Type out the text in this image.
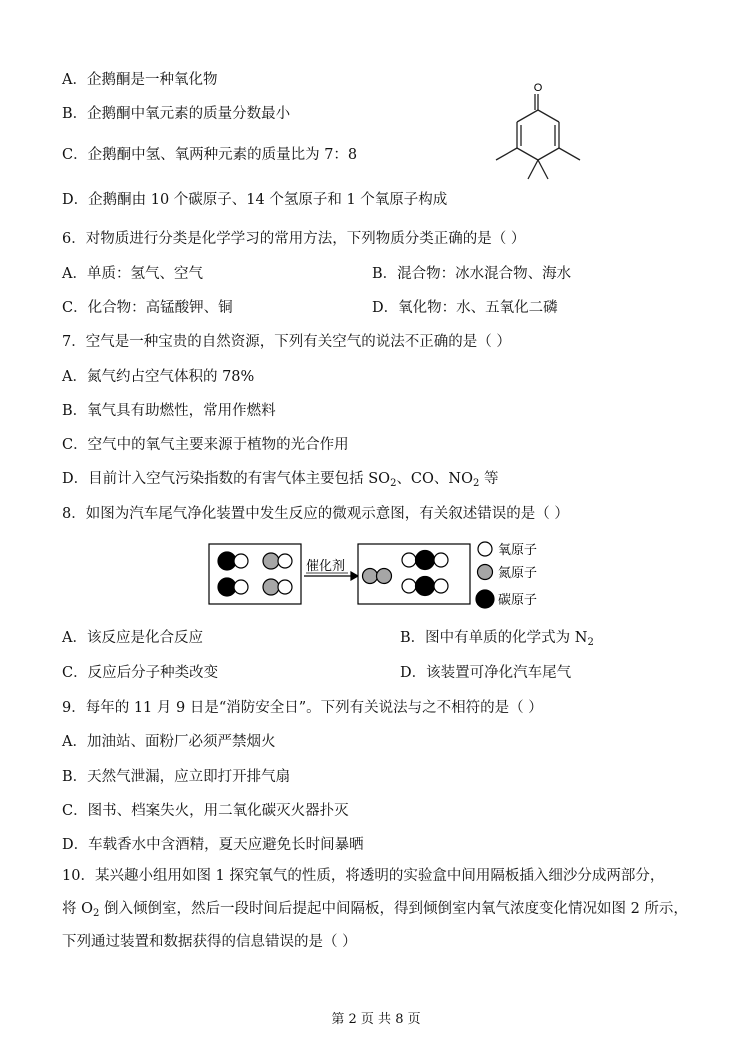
A．企鹅酮是一种氧化物
B．企鹅酮中氧元素的质量分数最小
C．企鹅酮中氢、氧两种元素的质量比为 7：8
D．企鹅酮由 10 个碳原子、14 个氢原子和 1 个氧原子构成
O
6．对物质进行分类是化学学习的常用方法，下列物质分类正确的是（ ）
A．单质：氢气、空气	B．混合物：冰水混合物、海水
C．化合物：高锰酸钾、铜	D．氧化物：水、五氧化二磷
7．空气是一种宝贵的自然资源，下列有关空气的说法不正确的是（ ）
A．氮气约占空气体积的 78%
B．氧气具有助燃性，常用作燃料
C．空气中的氧气主要来源于植物的光合作用
D．目前计入空气污染指数的有害气体主要包括 $SO_2$、CO、$NO_2$ 等
8．如图为汽车尾气净化装置中发生反应的微观示意图，有关叙述错误的是（ ）
催化剂
氧原子
氮原子
碳原子
A．该反应是化合反应	B．图中有单质的化学式为 $N_2$
C．反应后分子种类改变	D．该装置可净化汽车尾气
9．每年的 11 月 9 日是“消防安全日”。下列有关说法与之不相符的是（ ）
A．加油站、面粉厂必须严禁烟火
B．天然气泄漏，应立即打开排气扇
C．图书、档案失火，用二氧化碳灭火器扑灭
D．车载香水中含酒精，夏天应避免长时间暴晒
10．某兴趣小组用如图 1 探究氧气的性质，将透明的实验盒中间用隔板插入细沙分成两部分，
将 $O_2$ 倒入倾倒室，然后一段时间后提起中间隔板，得到倾倒室内氧气浓度变化情况如图 2 所示，
下列通过装置和数据获得的信息错误的是（ ）
第 2 页 共 8 页
